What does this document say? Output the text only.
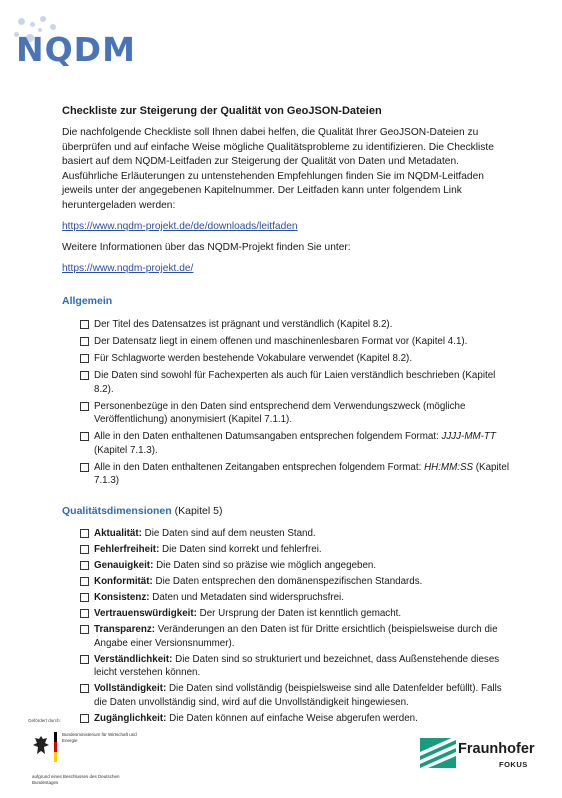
NQDM
Checkliste zur Steigerung der Qualität von GeoJSON-Dateien
Die nachfolgende Checkliste soll Ihnen dabei helfen, die Qualität Ihrer GeoJSON-Dateien zu überprüfen und auf einfache Weise mögliche Qualitätsprobleme zu identifizieren. Die Checkliste basiert auf dem NQDM-Leitfaden zur Steigerung der Qualität von Daten und Metadaten. Ausführliche Erläuterungen zu untenstehenden Empfehlungen finden Sie im NQDM-Leitfaden jeweils unter der angegebenen Kapitelnummer. Der Leitfaden kann unter folgendem Link heruntergeladen werden:
https://www.nqdm-projekt.de/de/downloads/leitfaden
Weitere Informationen über das NQDM-Projekt finden Sie unter:
https://www.nqdm-projekt.de/
Allgemein
Der Titel des Datensatzes ist prägnant und verständlich (Kapitel 8.2).
Der Datensatz liegt in einem offenen und maschinenlesbaren Format vor (Kapitel 4.1).
Für Schlagworte werden bestehende Vokabulare verwendet (Kapitel 8.2).
Die Daten sind sowohl für Fachexperten als auch für Laien verständlich beschrieben (Kapitel 8.2).
Personenbezüge in den Daten sind entsprechend dem Verwendungszweck (mögliche Veröffentlichung) anonymisiert (Kapitel 7.1.1).
Alle in den Daten enthaltenen Datumsangaben entsprechen folgendem Format: JJJJ-MM-TT (Kapitel 7.1.3).
Alle in den Daten enthaltenen Zeitangaben entsprechen folgendem Format: HH:MM:SS (Kapitel 7.1.3)
Qualitätsdimensionen (Kapitel 5)
Aktualität: Die Daten sind auf dem neusten Stand.
Fehlerfreiheit: Die Daten sind korrekt und fehlerfrei.
Genauigkeit: Die Daten sind so präzise wie möglich angegeben.
Konformität: Die Daten entsprechen den domänenspezifischen Standards.
Konsistenz: Daten und Metadaten sind widerspruchsfrei.
Vertrauenswürdigkeit: Der Ursprung der Daten ist kenntlich gemacht.
Transparenz: Veränderungen an den Daten ist für Dritte ersichtlich (beispielsweise durch die Angabe einer Versionsnummer).
Verständlichkeit: Die Daten sind so strukturiert und bezeichnet, dass Außenstehende dieses leicht verstehen können.
Vollständigkeit: Die Daten sind vollständig (beispielsweise sind alle Datenfelder befüllt). Falls die Daten unvollständig sind, wird auf die Unvollständigkeit hingewiesen.
Zugänglichkeit: Die Daten können auf einfache Weise abgerufen werden.
Gefördert durch:
Bundesministerium für Wirtschaft und Energie
aufgrund eines Beschlusses des Deutschen Bundestages
Fraunhofer
FOKUS
